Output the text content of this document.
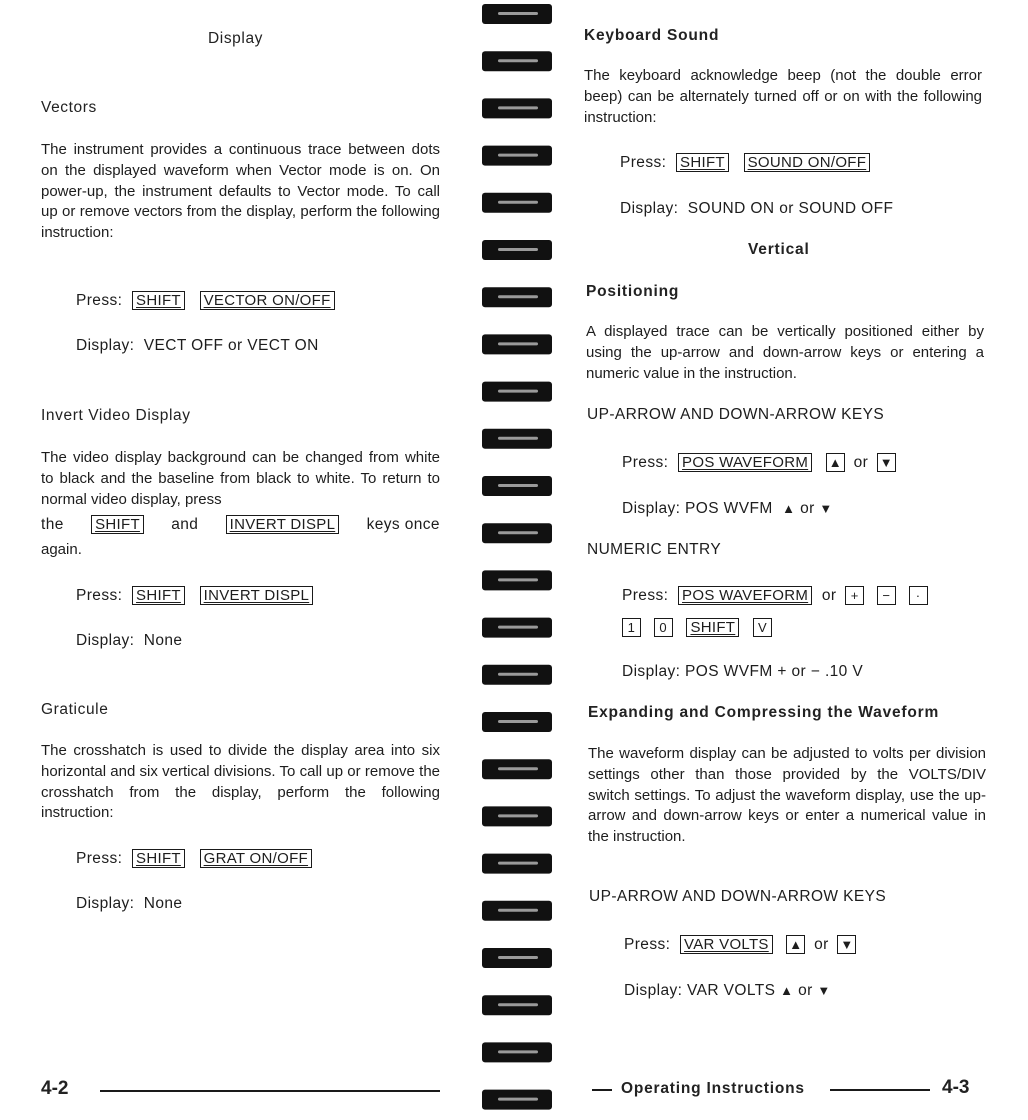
Display
Vectors
The instrument provides a continuous trace between dots on the displayed waveform when Vector mode is on. On power-up, the instrument defaults to Vector mode. To call up or remove vectors from the display, perform the following instruction:
Press: SHIFT VECTOR ON/OFF
Display: VECT OFF or VECT ON
Invert Video Display
The video display background can be changed from white to black and the baseline from black to white. To return to normal video display, press
the SHIFT and INVERT DISPL keys once
again.
Press: SHIFT INVERT DISPL
Display: None
Graticule
The crosshatch is used to divide the display area into six horizontal and six vertical divisions. To call up or remove the crosshatch from the display, perform the following instruction:
Press: SHIFT GRAT ON/OFF
Display: None
4-2
Keyboard Sound
The keyboard acknowledge beep (not the double error beep) can be alternately turned off or on with the following instruction:
Press: SHIFT SOUND ON/OFF
Display: SOUND ON or SOUND OFF
Vertical
Positioning
A displayed trace can be vertically positioned either by using the up-arrow and down-arrow keys or entering a numeric value in the instruction.
UP-ARROW AND DOWN-ARROW KEYS
Press: POS WAVEFORM ▲ or ▼
Display: POS WVFM ▲ or ▼
NUMERIC ENTRY
Press: POS WAVEFORM or + − ·
1 0 SHIFT V
Display: POS WVFM + or − .10 V
Expanding and Compressing the Waveform
The waveform display can be adjusted to volts per division settings other than those provided by the VOLTS/DIV switch settings. To adjust the waveform display, use the up-arrow and down-arrow keys or enter a numerical value in the instruction.
UP-ARROW AND DOWN-ARROW KEYS
Press: VAR VOLTS ▲ or ▼
Display: VAR VOLTS ▲ or ▼
Operating Instructions	4-3
